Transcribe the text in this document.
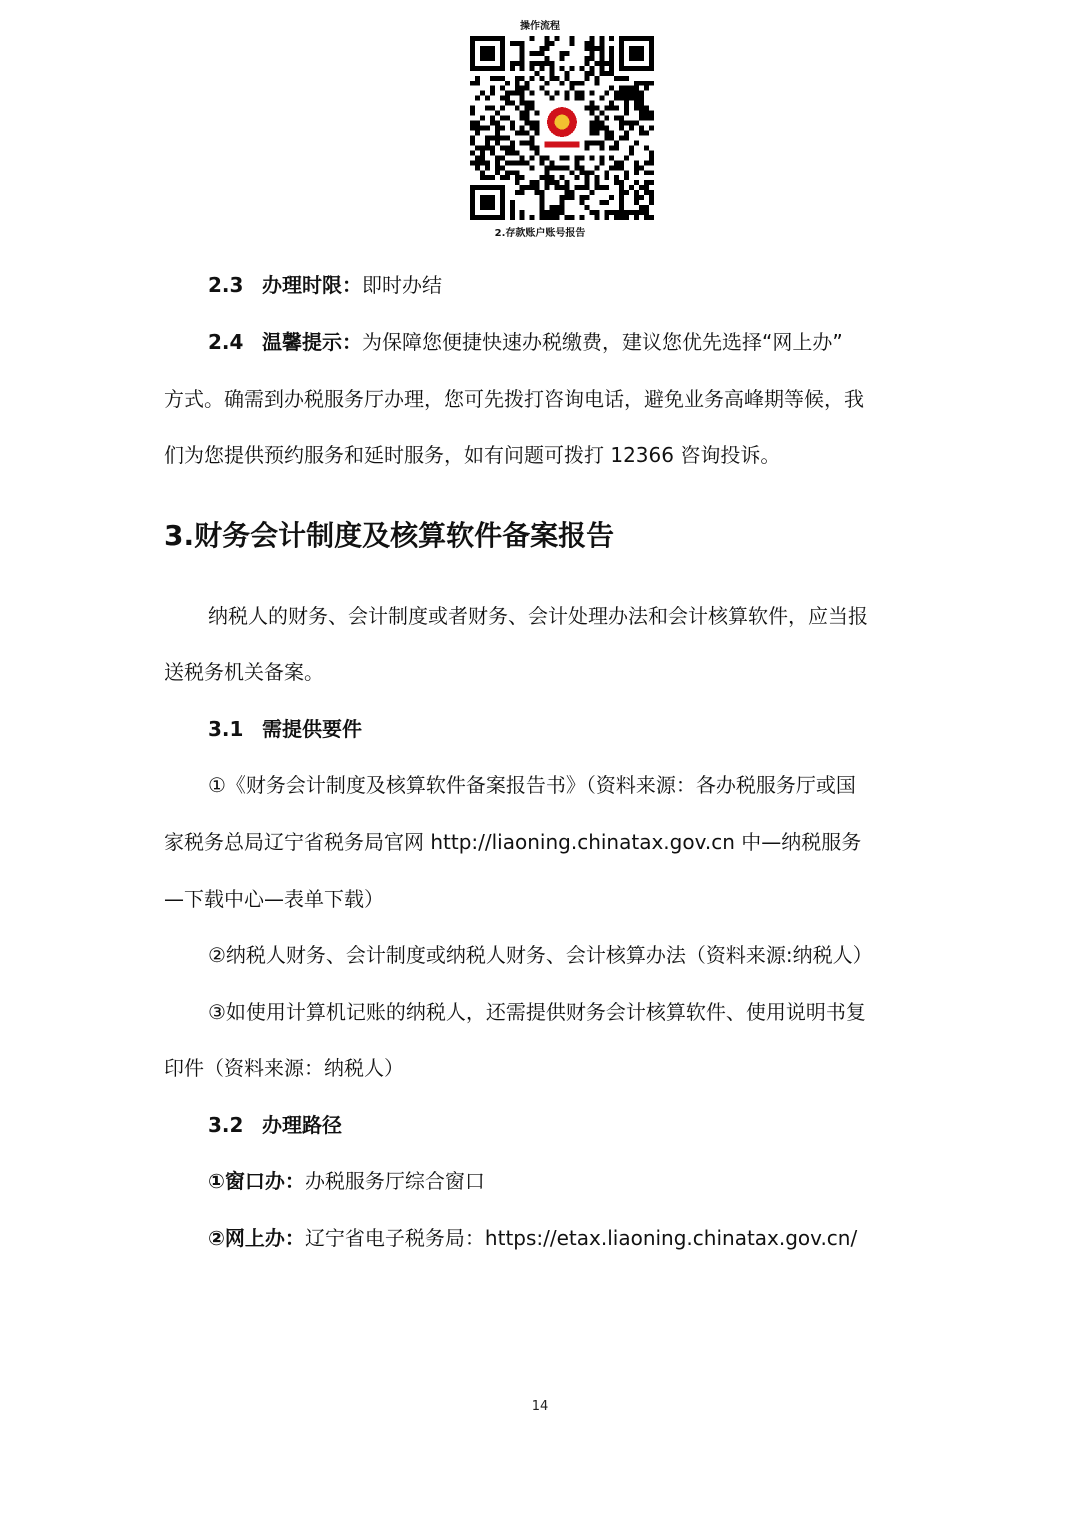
操作流程
2.存款账户账号报告
2.3 办理时限：即时办结
2.4 温馨提示：为保障您便捷快速办税缴费，建议您优先选择“网上办”
方式。确需到办税服务厅办理，您可先拨打咨询电话，避免业务高峰期等候，我
们为您提供预约服务和延时服务，如有问题可拨打 12366 咨询投诉。
3.财务会计制度及核算软件备案报告
纳税人的财务、会计制度或者财务、会计处理办法和会计核算软件，应当报
送税务机关备案。
3.1 需提供要件
①《财务会计制度及核算软件备案报告书》（资料来源：各办税服务厅或国
家税务总局辽宁省税务局官网 http://liaoning.chinatax.gov.cn 中—纳税服务
—下载中心—表单下载）
②纳税人财务、会计制度或纳税人财务、会计核算办法（资料来源:纳税人）
③如使用计算机记账的纳税人，还需提供财务会计核算软件、使用说明书复
印件（资料来源：纳税人）
3.2 办理路径
①窗口办：办税服务厅综合窗口
②网上办：辽宁省电子税务局：https://etax.liaoning.chinatax.gov.cn/
14
